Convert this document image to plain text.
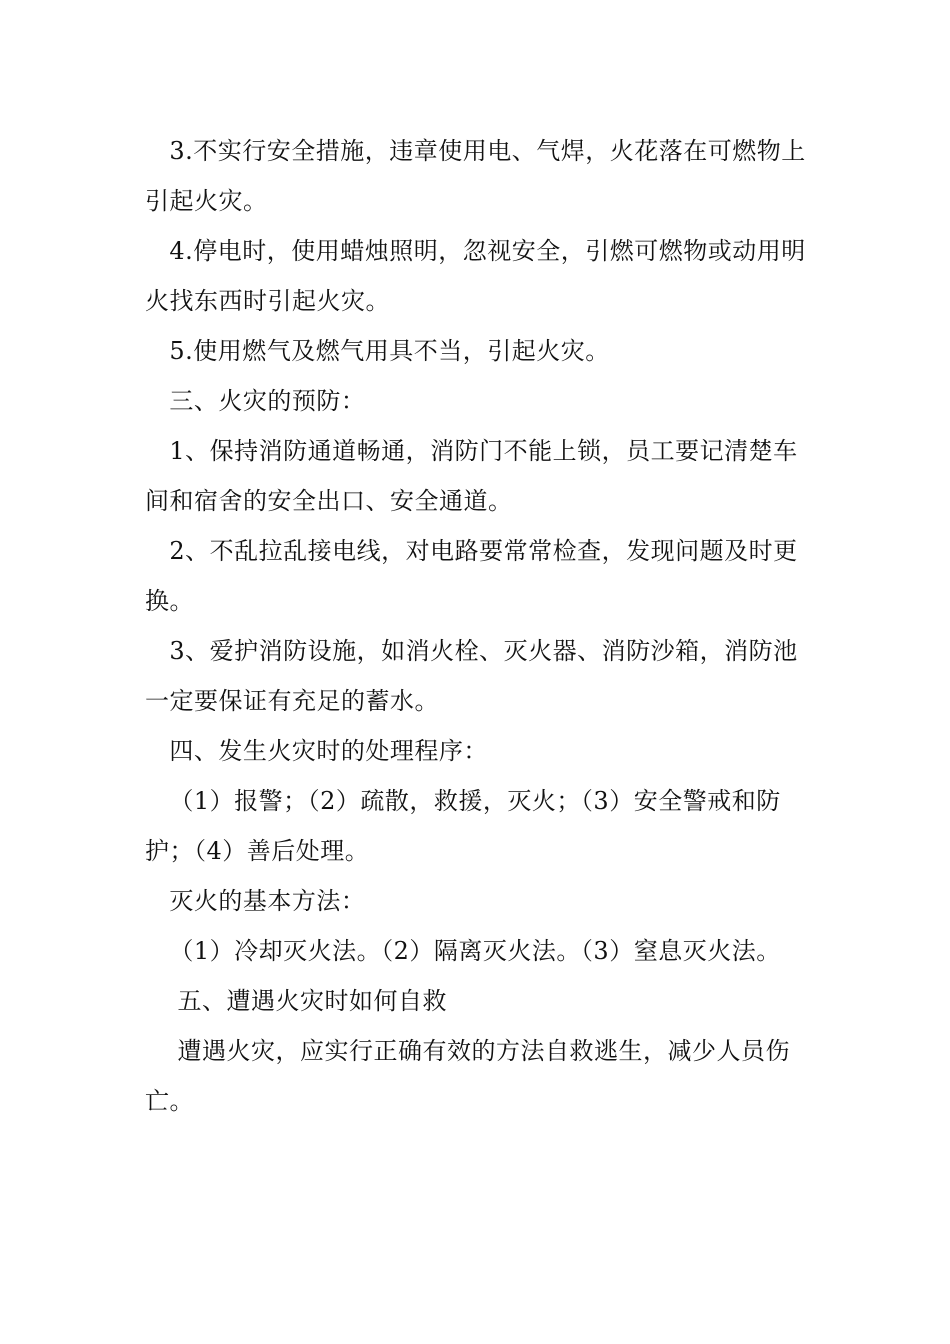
3.不实行安全措施，违章使用电、气焊，火花落在可燃物上引起火灾。

4.停电时，使用蜡烛照明，忽视安全，引燃可燃物或动用明火找东西时引起火灾。

5.使用燃气及燃气用具不当，引起火灾。

三、火灾的预防：

1、保持消防通道畅通，消防门不能上锁，员工要记清楚车间和宿舍的安全出口、安全通道。

2、不乱拉乱接电线，对电路要常常检查，发现问题及时更换。

3、爱护消防设施，如消火栓、灭火器、消防沙箱，消防池一定要保证有充足的蓄水。

四、发生火灾时的处理程序：

（1）报警；（2）疏散，救援，灭火；（3）安全警戒和防护；（4）善后处理。

灭火的基本方法：

（1）冷却灭火法。（2）隔离灭火法。（3）窒息灭火法。

五、遭遇火灾时如何自救

遭遇火灾，应实行正确有效的方法自救逃生，减少人员伤亡。
